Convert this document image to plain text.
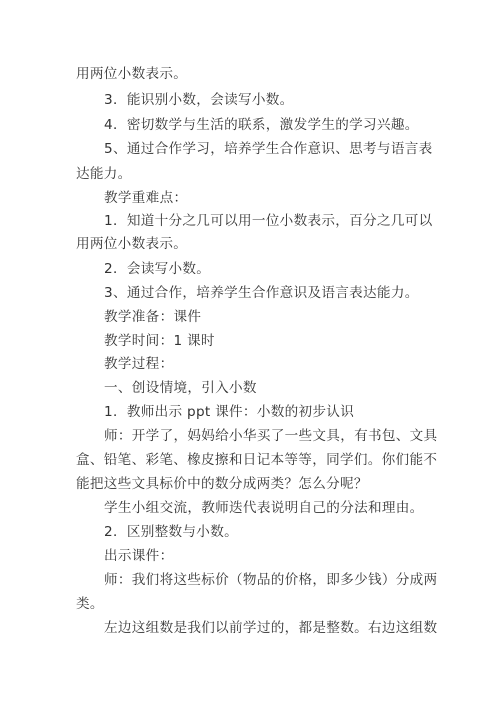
用两位小数表示。
3．能识别小数，会读写小数。
4．密切数学与生活的联系，激发学生的学习兴趣。
5、通过合作学习，培养学生合作意识、思考与语言表
达能力。
教学重难点：
1．知道十分之几可以用一位小数表示，百分之几可以
用两位小数表示。
2．会读写小数。
3、通过合作，培养学生合作意识及语言表达能力。
教学准备：课件
教学时间：1 课时
教学过程：
一、创设情境，引入小数
1．教师出示 ppt 课件：小数的初步认识
师：开学了，妈妈给小华买了一些文具，有书包、文具
盒、铅笔、彩笔、橡皮擦和日记本等等，同学们。你们能不
能把这些文具标价中的数分成两类？怎么分呢？
学生小组交流，教师迭代表说明自己的分法和理由。
2．区别整数与小数。
出示课件：
师：我们将这些标价（物品的价格，即多少钱）分成两
类。
左边这组数是我们以前学过的，都是整数。右边这组数
